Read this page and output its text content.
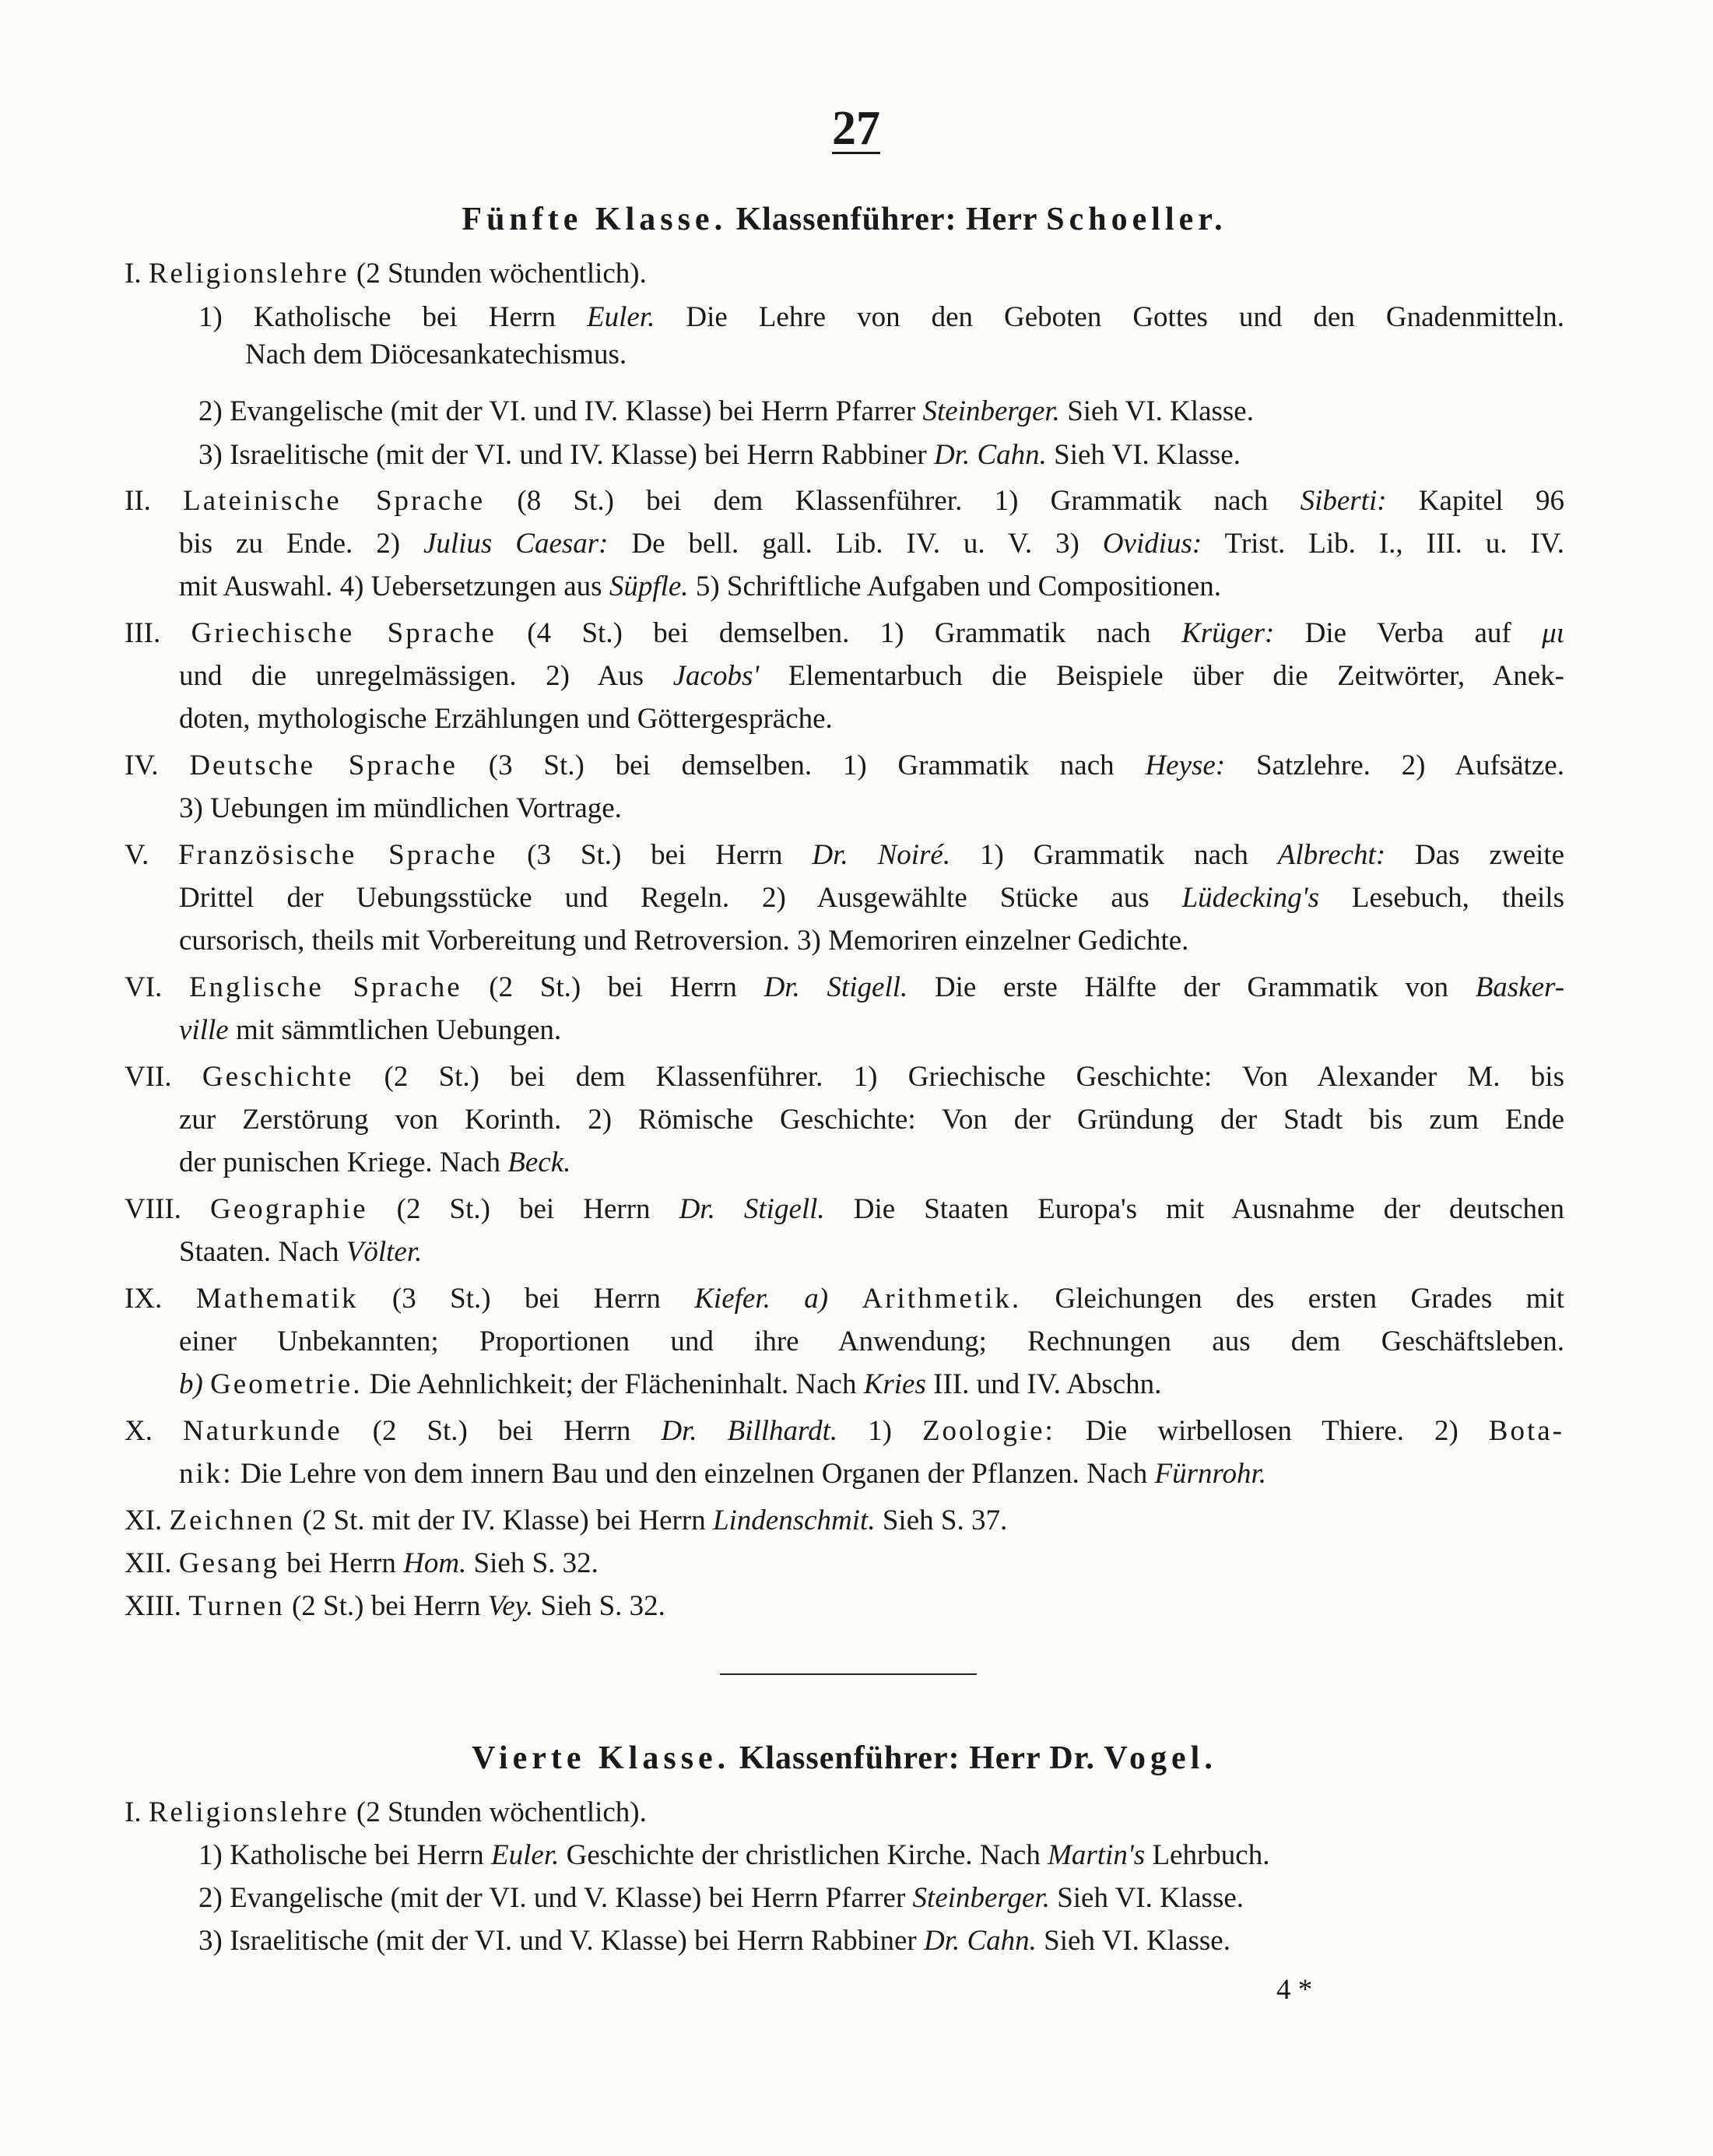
27
Fünfte Klasse. Klassenführer: Herr Schoeller.
I. Religionslehre (2 Stunden wöchentlich).
1) Katholische bei Herrn Euler. Die Lehre von den Geboten Gottes und den Gnadenmitteln.
Nach dem Diöcesankatechismus.
2) Evangelische (mit der VI. und IV. Klasse) bei Herrn Pfarrer Steinberger. Sieh VI. Klasse.
3) Israelitische (mit der VI. und IV. Klasse) bei Herrn Rabbiner Dr. Cahn. Sieh VI. Klasse.
II. Lateinische Sprache (8 St.) bei dem Klassenführer. 1) Grammatik nach Siberti: Kapitel 96
bis zu Ende. 2) Julius Caesar: De bell. gall. Lib. IV. u. V. 3) Ovidius: Trist. Lib. I., III. u. IV.
mit Auswahl. 4) Uebersetzungen aus Süpfle. 5) Schriftliche Aufgaben und Compositionen.
III. Griechische Sprache (4 St.) bei demselben. 1) Grammatik nach Krüger: Die Verba auf μι
und die unregelmässigen. 2) Aus Jacobs' Elementarbuch die Beispiele über die Zeitwörter, Anek-
doten, mythologische Erzählungen und Göttergespräche.
IV. Deutsche Sprache (3 St.) bei demselben. 1) Grammatik nach Heyse: Satzlehre. 2) Aufsätze.
3) Uebungen im mündlichen Vortrage.
V. Französische Sprache (3 St.) bei Herrn Dr. Noiré. 1) Grammatik nach Albrecht: Das zweite
Drittel der Uebungsstücke und Regeln. 2) Ausgewählte Stücke aus Lüdecking's Lesebuch, theils
cursorisch, theils mit Vorbereitung und Retroversion. 3) Memoriren einzelner Gedichte.
VI. Englische Sprache (2 St.) bei Herrn Dr. Stigell. Die erste Hälfte der Grammatik von Basker-
ville mit sämmtlichen Uebungen.
VII. Geschichte (2 St.) bei dem Klassenführer. 1) Griechische Geschichte: Von Alexander M. bis
zur Zerstörung von Korinth. 2) Römische Geschichte: Von der Gründung der Stadt bis zum Ende
der punischen Kriege. Nach Beck.
VIII. Geographie (2 St.) bei Herrn Dr. Stigell. Die Staaten Europa's mit Ausnahme der deutschen
Staaten. Nach Völter.
IX. Mathematik (3 St.) bei Herrn Kiefer. a) Arithmetik. Gleichungen des ersten Grades mit
einer Unbekannten; Proportionen und ihre Anwendung; Rechnungen aus dem Geschäftsleben.
b) Geometrie. Die Aehnlichkeit; der Flächeninhalt. Nach Kries III. und IV. Abschn.
X. Naturkunde (2 St.) bei Herrn Dr. Billhardt. 1) Zoologie: Die wirbellosen Thiere. 2) Bota-
nik: Die Lehre von dem innern Bau und den einzelnen Organen der Pflanzen. Nach Fürnrohr.
XI. Zeichnen (2 St. mit der IV. Klasse) bei Herrn Lindenschmit. Sieh S. 37.
XII. Gesang bei Herrn Hom. Sieh S. 32.
XIII. Turnen (2 St.) bei Herrn Vey. Sieh S. 32.
Vierte Klasse. Klassenführer: Herr Dr. Vogel.
I. Religionslehre (2 Stunden wöchentlich).
1) Katholische bei Herrn Euler. Geschichte der christlichen Kirche. Nach Martin's Lehrbuch.
2) Evangelische (mit der VI. und V. Klasse) bei Herrn Pfarrer Steinberger. Sieh VI. Klasse.
3) Israelitische (mit der VI. und V. Klasse) bei Herrn Rabbiner Dr. Cahn. Sieh VI. Klasse.
4 *
